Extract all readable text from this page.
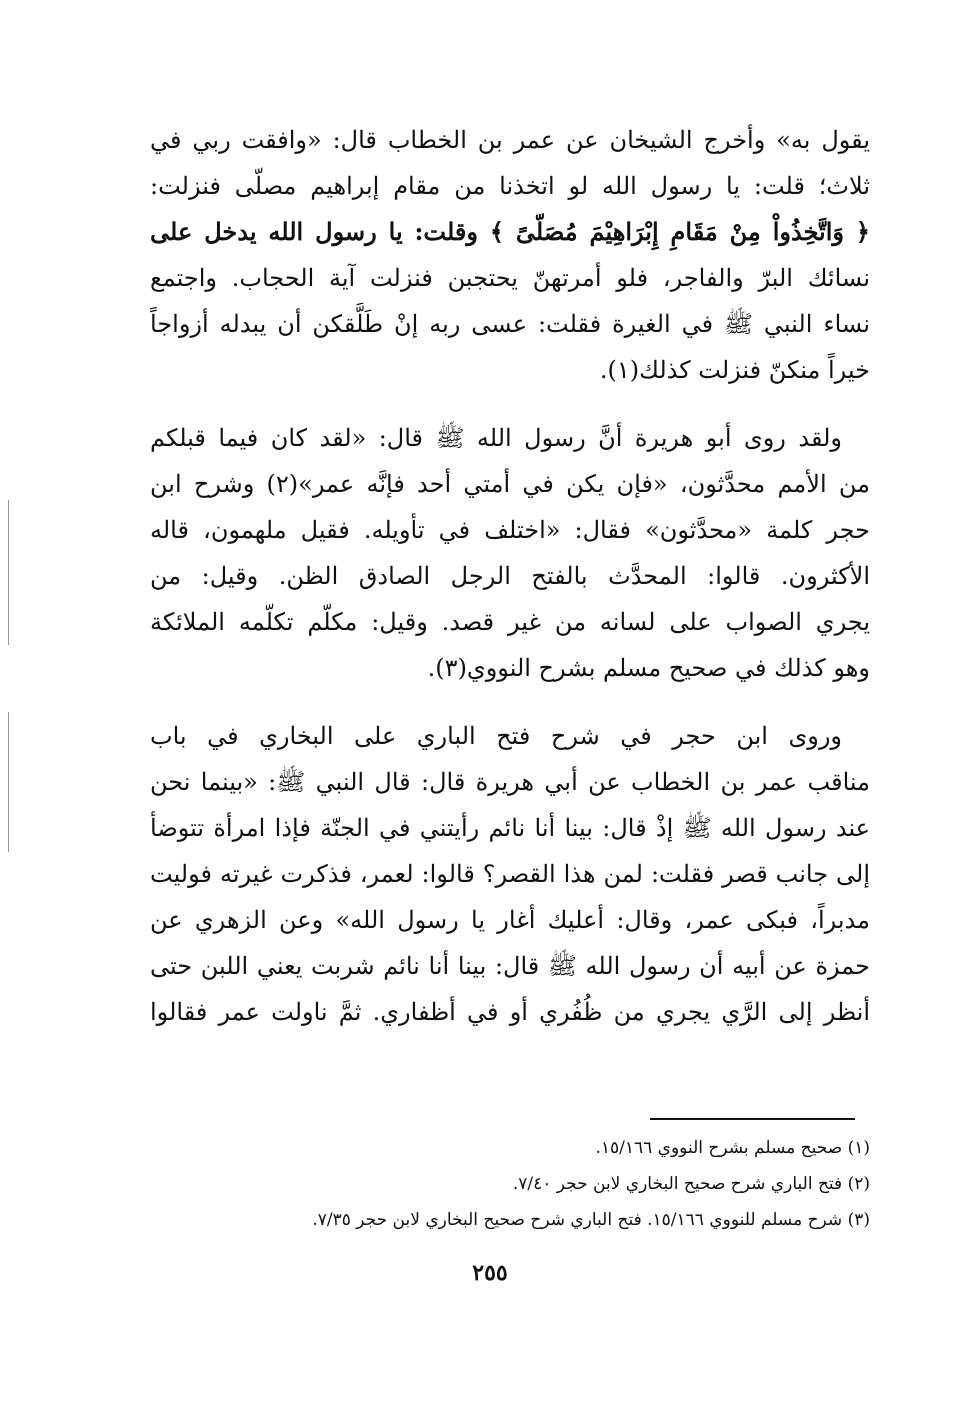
يقول به» وأخرج الشيخان عن عمر بن الخطاب قال: «وافقت ربي في
ثلاث؛ قلت: يا رسول الله لو اتخذنا من مقام إبراهيم مصلّى فنزلت:
﴿ وَاتَّخِذُواْ مِنْ مَقَامِ إِبْرَاهِيْمَ مُصَلّىً ﴾ وقلت: يا رسول الله يدخل على
نسائك البرّ والفاجر، فلو أمرتهنّ يحتجبن فنزلت آية الحجاب. واجتمع
نساء النبي ﷺ في الغيرة فقلت: عسى ربه إنْ طَلَّقكن أن يبدله أزواجاً
خيراً منكنّ فنزلت كذلك(١).
ولقد روى أبو هريرة أنَّ رسول الله ﷺ قال: «لقد كان فيما قبلكم
من الأمم محدَّثون، «فإن يكن في أمتي أحد فإنَّه عمر»(٢) وشرح ابن
حجر كلمة «محدَّثون» فقال: «اختلف في تأويله. فقيل ملهمون، قاله
الأكثرون. قالوا: المحدَّث بالفتح الرجل الصادق الظن. وقيل: من
يجري الصواب على لسانه من غير قصد. وقيل: مكلّم تكلّمه الملائكة
وهو كذلك في صحيح مسلم بشرح النووي(٣).
وروى ابن حجر في شرح فتح الباري على البخاري في باب
مناقب عمر بن الخطاب عن أبي هريرة قال: قال النبي ﷺ: «بينما نحن
عند رسول الله ﷺ إذْ قال: بينا أنا نائم رأيتني في الجنّة فإذا امرأة تتوضأ
إلى جانب قصر فقلت: لمن هذا القصر؟ قالوا: لعمر، فذكرت غيرته فوليت
مدبراً، فبكى عمر، وقال: أعليك أغار يا رسول الله» وعن الزهري عن
حمزة عن أبيه أن رسول الله ﷺ قال: بينا أنا نائم شربت يعني اللبن حتى
أنظر إلى الرَّي يجري من ظُفُري أو في أظفاري. ثمَّ ناولت عمر فقالوا
(١) صحيح مسلم بشرح النووي ١٥/١٦٦.
(٢) فتح الباري شرح صحيح البخاري لابن حجر ٧/٤٠.
(٣) شرح مسلم للنووي ١٥/١٦٦. فتح الباري شرح صحيح البخاري لابن حجر ٧/٣٥.
٢٥٥
